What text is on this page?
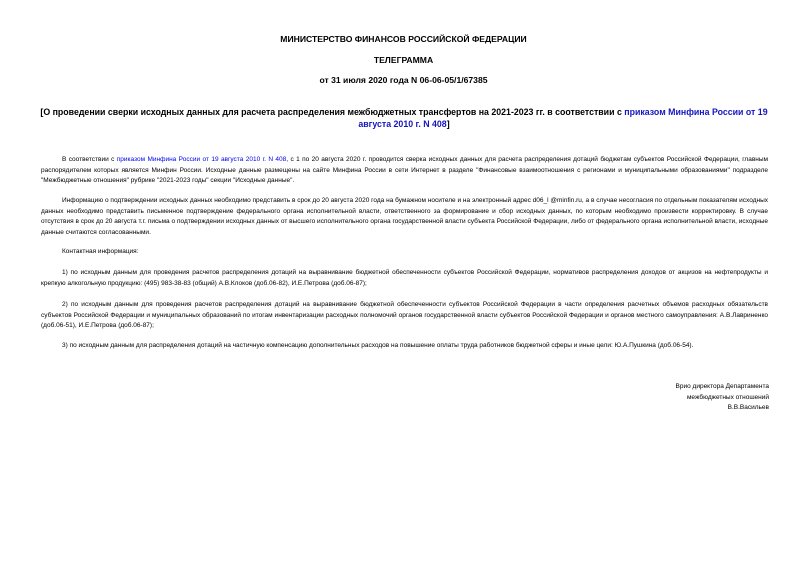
МИНИСТЕРСТВО ФИНАНСОВ РОССИЙСКОЙ ФЕДЕРАЦИИ
ТЕЛЕГРАММА
от 31 июля 2020 года N 06-06-05/1/67385
[О проведении сверки исходных данных для расчета распределения межбюджетных трансфертов на 2021-2023 гг. в соответствии с приказом Минфина России от 19 августа 2010 г. N 408]

В соответствии с приказом Минфина России от 19 августа 2010 г. N 408, с 1 по 20 августа 2020 г. проводится сверка исходных данных для расчета распределения дотаций бюджетам субъектов Российской Федерации, главным распорядителем которых является Минфин России. Исходные данные размещены на сайте Минфина России в сети Интернет в разделе "Финансовые взаимоотношения с регионами и муниципальными образованиями" подразделе "Межбюджетные отношения" рубрике "2021-2023 годы" секции "Исходные данные".

Информацию о подтверждении исходных данных необходимо представить в срок до 20 августа 2020 года на бумажном носителе и на электронный адрес d06_l @minfin.ru, а в случае несогласия по отдельным показателям исходных данных необходимо представить письменное подтверждение федерального органа исполнительной власти, ответственного за формирование и сбор исходных данных, по которым необходимо произвести корректировку. В случае отсутствия в срок до 20 августа т.г. письма о подтверждении исходных данных от высшего исполнительного органа государственной власти субъекта Российской Федерации, либо от федерального органа исполнительной власти, исходные данные считаются согласованными.

Контактная информация:

1) по исходным данным для проведения расчетов распределения дотаций на выравнивание бюджетной обеспеченности субъектов Российской Федерации, нормативов распределения доходов от акцизов на нефтепродукты и крепкую алкогольную продукцию: (495) 983-38-83 (общий) А.В.Клоков (доб.06-82), И.Е.Петрова (доб.06-87);

2) по исходным данным для проведения расчетов распределения дотаций на выравнивание бюджетной обеспеченности субъектов Российской Федерации в части определения расчетных объемов расходных обязательств субъектов Российской Федерации и муниципальных образований по итогам инвентаризации расходных полномочий органов государственной власти субъектов Российской Федерации и органов местного самоуправления: А.В.Лавриненко (доб.06-51), И.Е.Петрова (доб.06-87);

3) по исходным данным для распределения дотаций на частичную компенсацию дополнительных расходов на повышение оплаты труда работников бюджетной сферы и иные цели: Ю.А.Пушкина (доб.06-54).

Врио директора Департамента
межбюджетных отношений
В.В.Васильев
